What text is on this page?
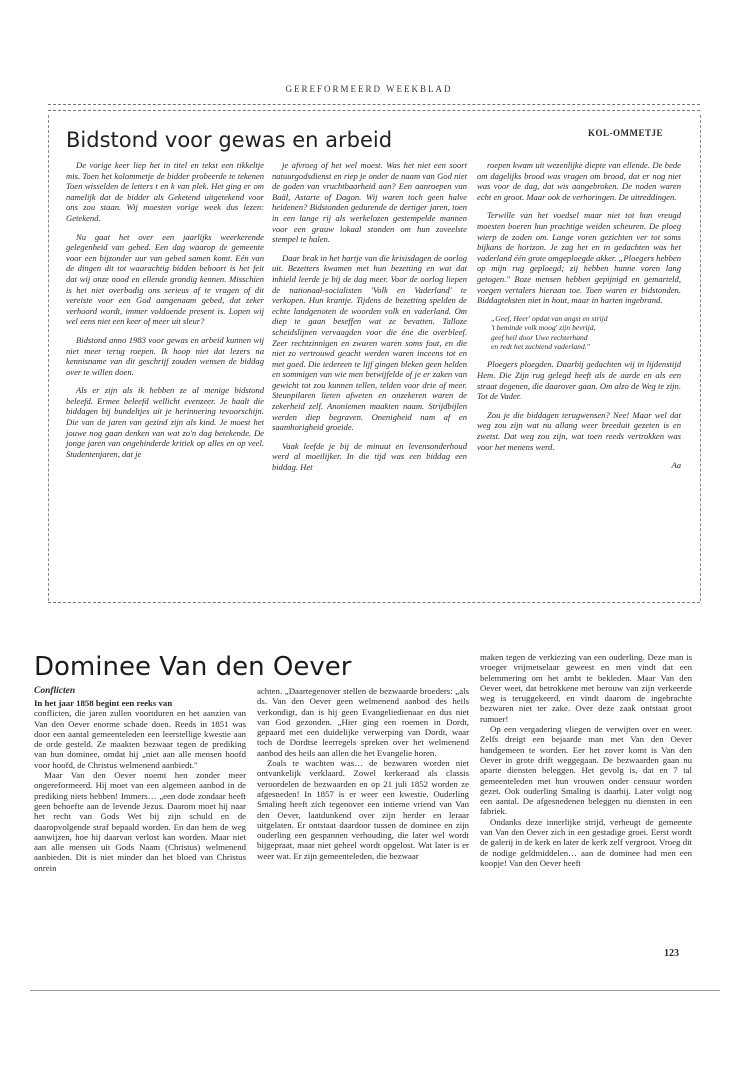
GEREFORMEERD WEEKBLAD
Bidstond voor gewas en arbeid	KOL-OMMETJE

De vorige keer liep het in titel en tekst een tikkeltje mis. Toen het kolommetje de bidder probeerde te tekenen Toen wisselden de letters t en k van plek. Het ging er om namelijk dat de bidder als Geketend uitgetekend voor ons zou staan. Wij moesten vorige week dus lezen: Getekend.

Nu gaat het over een jaarlijks weerkerende gelegenheid van gebed. Een dag waarop de gemeente voor een bijzonder uur van gebed samen komt. Eén van de dingen dit tot waarachtig bidden behoort is het feit dat wij onze nood en ellende grondig kennen. Misschien is het niet overbodig ons serieus af te vragen of dit vereiste voor een God aangenaam gebed, dat zeker verhoord wordt, immer voldoende present is. Lopen wij wel eens niet een keer of meer uit sleur?

Bidstond anno 1983 voor gewas en arbeid kunnen wij niet meer terug roepen. Ik hoop niet dat lezers na kennisname van dit geschrijf zouden wensen de biddag over te willen doen.

Als er zijn als ik hebben ze al menige bidstond beleefd. Ermee beleefd wellicht evenzeer. Je haalt die biddagen bij bundeltjes uit je herinnering tevoorschijn. Die van de jaren van gezind zijn als kind. Je moest het jouwe nog gaan denken van wat zo'n dag betekende. De jonge jaren van ongehinderde kritiek op alles en op veel. Studentenjaren, dat je

je afvroeg of het wel moest. Was het niet een soort natuurgodsdienst en riep je onder de naam van God niet de goden van vruchtbaarheid aan? Een aanroepen van Baäl, Astarte of Dagon. Wij waren toch geen halve heidenen? Bidstonden gedurende de dertiger jaren, toen in een lange rij als werkelozen gestempelde mannen voor een grauw lokaal stonden om hun zoveelste stempel te halen.

Daar brak in het hartje van die krisisdagen de oorlog uit. Bezetters kwamen met hun bezetting en wat dat inhield leerde je bij de dag meer. Voor de oorlog liepen de nationaal-socialisten 'Volk en Vaderland' te verkopen. Hun krantje. Tijdens de bezetting spelden de echte landgenoten de woorden volk en vaderland. Om diep te gaan beseffen wat ze bevatten. Talloze scheidslijnen vervaagden voor die éne die overbleef. Zeer rechtzinnigen en zwaren waren soms fout, en die niet zo vertrouwd geacht werden waren inceens tot en met goed. Die iedereen te lijf gingen bleken geen helden en sommigen van wie men betwijfelde of je er zaken van gewicht tot zou kunnen tellen, telden voor drie of meer. Steunpilaren lieten afweten en onzekeren waren de zekerheid zelf. Anoniemen maakten naam. Strijdbijlen werden diep begraven. Onenigheid nam af en saamhorigheid groeide.

Vaak leefde je bij de minuut en levensonderhoud werd al moeilijker. In die tijd was een biddag een biddag. Het

roepen kwam uit wezenlijke diepte van ellende. De bede om dagelijks brood was vragen om brood, dat er nog niet was voor de dag, dat wis aangebroken. De noden waren echt en groot. Maar ook de verhoringen. De uitreddingen.

Terwille van het voedsel maar niet tot hun vreugd moesten boeren hun prachtige weiden scheuren. De ploeg wierp de zoden om. Lange voren gezichten ver tot soms bijkans de horizon. Je zag het en in gedachten was het vaderland één grote omgeploegde akker. „Ploegers hebben op mijn rug geploegd; zij hebben hunne voren lang getogen." Boze mensen hebben gepijnigd en gemarteld, voegen vertalers hieraan toe. Toen waren er bidstonden. Biddagteksten niet in hout, maar in harten ingebrand.

„Geef, Heer' opdat van angst en strijd
't beminde volk moog' zijn bevrijd,
geef heil door Uwe rechterhand
en redt het zuchtend vaderland."

Ploegers ploegden. Daarbij gedachten wij in lijdenstijd Hem. Die Zijn rug gelegd heeft als de aarde en als een straat degenen, die daarover gaan. Om alzo de Weg te zijn. Tot de Vader.

Zou je die biddagen terugwensen? Nee! Maar wel dat weg zou zijn wat nu allang weer breeduit gezeten is en zwetst. Dat weg zou zijn, wat toen reeds vertrokken was voor het menens werd.

Aa
Dominee Van den Oever
Conflicten

In het jaar 1858 begint een reeks van

conflicten, die jaren zullen voortduren en het aanzien van Van den Oever enorme schade doen. Reeds in 1851 was door een aantal gemeenteleden een leerstellige kwestie aan de orde gesteld. Ze maakten bezwaar tegen de prediking van hun dominee, omdat hij „niet aan alle mensen hoofd voor hoofd, de Christus welmenend aanbiedt."

Maar Van den Oever noemt hen zonder meer ongereformeerd. Hij moet van een algemeen aanbod in de prediking niets hebben! Immers… „een dode zondaar heeft geen behoefte aan de levende Jezus. Daarom moet hij naar het recht van Gods Wet bij zijn schuld en de daaropvolgende straf bepaald worden. En dan hem de weg aanwijzen, hoe hij daarvan verlost kan worden. Maar niet aan alle mensen uit Gods Naam (Christus) welmenend aanbieden. Dit is niet minder dan het bloed van Christus onrein

achten. „Daartegenover stellen de bezwaarde broeders: „als ds. Van den Oever geen welmenend aanbod des heils verkondigt, dan is hij geen Evangeliedienaar en dus niet van God gezonden. „Hier ging een roemen in Dordt, gepaard met een duidelijke verwerping van Dordt, waar toch de Dordtse leerregels spreken over het welmenend aanbod des heils aan allen die het Evangelie horen.

Zoals te wachten was… de bezwaren worden niet ontvankelijk verklaard. Zowel kerkeraad als classis veroordelen de bezwaarden en op 21 juli 1852 worden ze afgesneden! In 1857 is er weer een kwestie. Ouderling Smaling heeft zich tegenover een intieme vriend van Van den Oever, laatdunkend over zijn herder en leraar uitgelaten. Er ontstaat daardoor tussen de dominee en zijn ouderling een gespannen verhouding, die later wel wordt bijgepraat, maar niet geheel wordt opgelost. Wat later is er weer wat. Er zijn gemeenteleden, die bezwaar

maken tegen de verkiezing van een ouderling. Deze man is vroeger vrijmetselaar geweest en men vindt dat een belemmering om het ambt te bekleden. Maar Van den Oever weet, dat betrokkene met berouw van zijn verkeerde weg is teruggekeerd, en vindt daarom de ingebrachte bezwaren niet ter zake. Over deze zaak ontstaat groot rumoer!

Op een vergadering vliegen de verwijten over en weer. Zelfs dreigt een bejaarde man met Van den Oever handgemeen te worden. Eer het zover komt is Van den Oever in grote drift weggegaan. De bezwaarden gaan nu aparte diensten beleggen. Het gevolg is, dat en 7 tal gemeenteleden met hun vrouwen onder censuur worden gezet. Ook ouderling Smaling is daarbij. Later volgt nog een aantal. De afgesnedenen beleggen nu diensten in een fabriek.

Ondanks deze innerlijke strijd, verheugt de gemeente van Van den Oever zich in een gestadige groei. Eerst wordt de galerij in de kerk en later de kerk zelf vergroot. Vroeg dit de nodige geldmiddelen… aan de dominee had men een koopje! Van den Oever heeft

123
